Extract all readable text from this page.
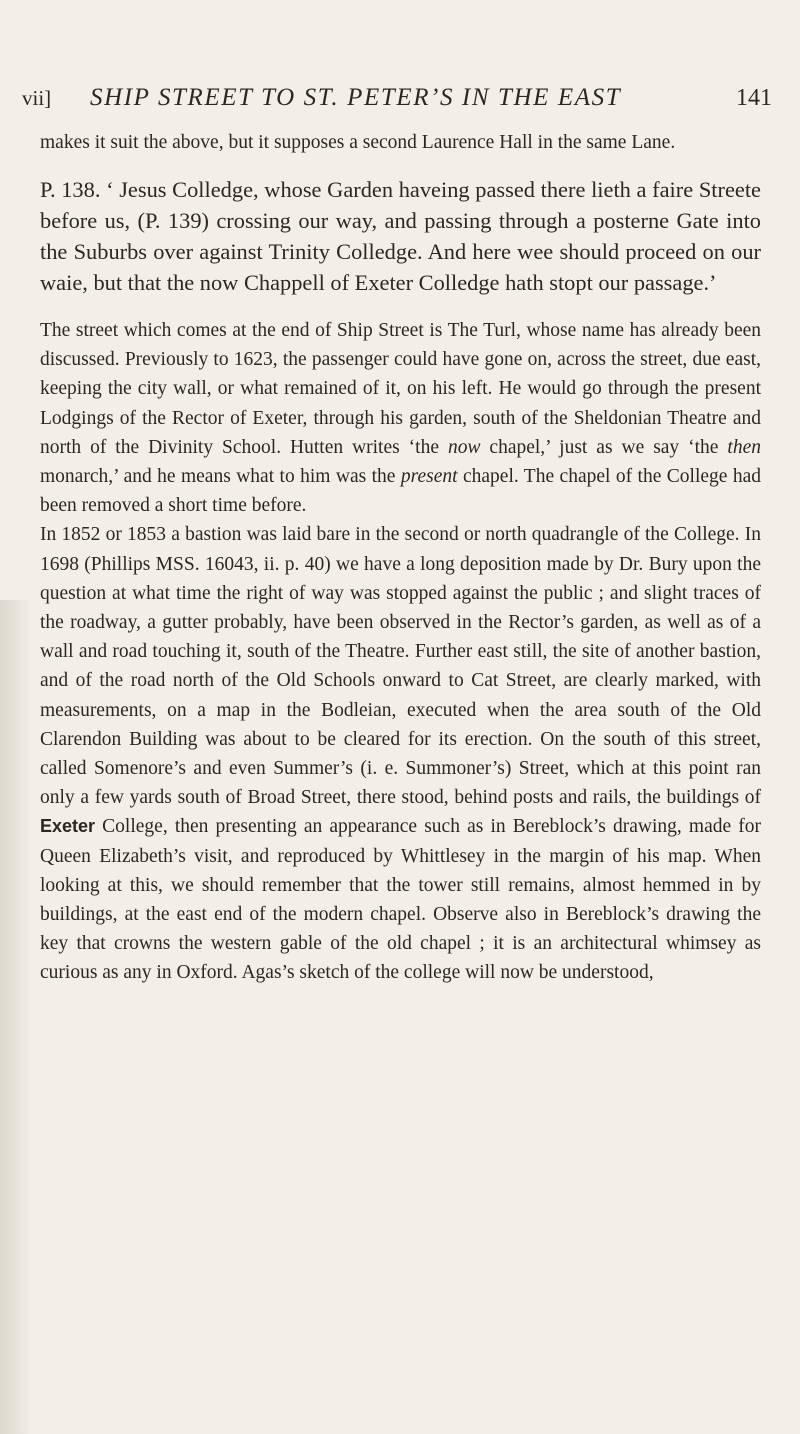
vii] SHIP STREET TO ST. PETER’S IN THE EAST	141

makes it suit the above, but it supposes a second Laurence Hall in the same Lane.

P. 138. ‘ Jesus Colledge, whose Garden haveing passed there lieth a faire Streete before us, (P. 139) crossing our way, and passing through a posterne Gate into the Suburbs over against Trinity Colledge. And here wee should proceed on our waie, but that the now Chappell of Exeter Colledge hath stopt our passage.’

The street which comes at the end of Ship Street is The Turl, whose name has already been discussed. Previously to 1623, the passenger could have gone on, across the street, due east, keeping the city wall, or what remained of it, on his left. He would go through the present Lodgings of the Rector of Exeter, through his garden, south of the Sheldonian Theatre and north of the Divinity School. Hutten writes ‘the now chapel,’ just as we say ‘the then monarch,’ and he means what to him was the present chapel. The chapel of the College had been removed a short time before.

In 1852 or 1853 a bastion was laid bare in the second or north quadrangle of the College. In 1698 (Phillips MSS. 16043, ii. p. 40) we have a long deposition made by Dr. Bury upon the question at what time the right of way was stopped against the public ; and slight traces of the roadway, a gutter probably, have been observed in the Rector’s garden, as well as of a wall and road touching it, south of the Theatre. Further east still, the site of another bastion, and of the road north of the Old Schools onward to Cat Street, are clearly marked, with measurements, on a map in the Bodleian, executed when the area south of the Old Clarendon Building was about to be cleared for its erection. On the south of this street, called Somenore’s and even Summer’s (i. e. Summoner’s) Street, which at this point ran only a few yards south of Broad Street, there stood, behind posts and rails, the buildings of Exeter College, then presenting an appearance such as in Bereblock’s drawing, made for Queen Elizabeth’s visit, and reproduced by Whittlesey in the margin of his map. When looking at this, we should remember that the tower still remains, almost hemmed in by buildings, at the east end of the modern chapel. Observe also in Bereblock’s drawing the key that crowns the western gable of the old chapel ; it is an architectural whimsey as curious as any in Oxford. Agas’s sketch of the college will now be understood,
